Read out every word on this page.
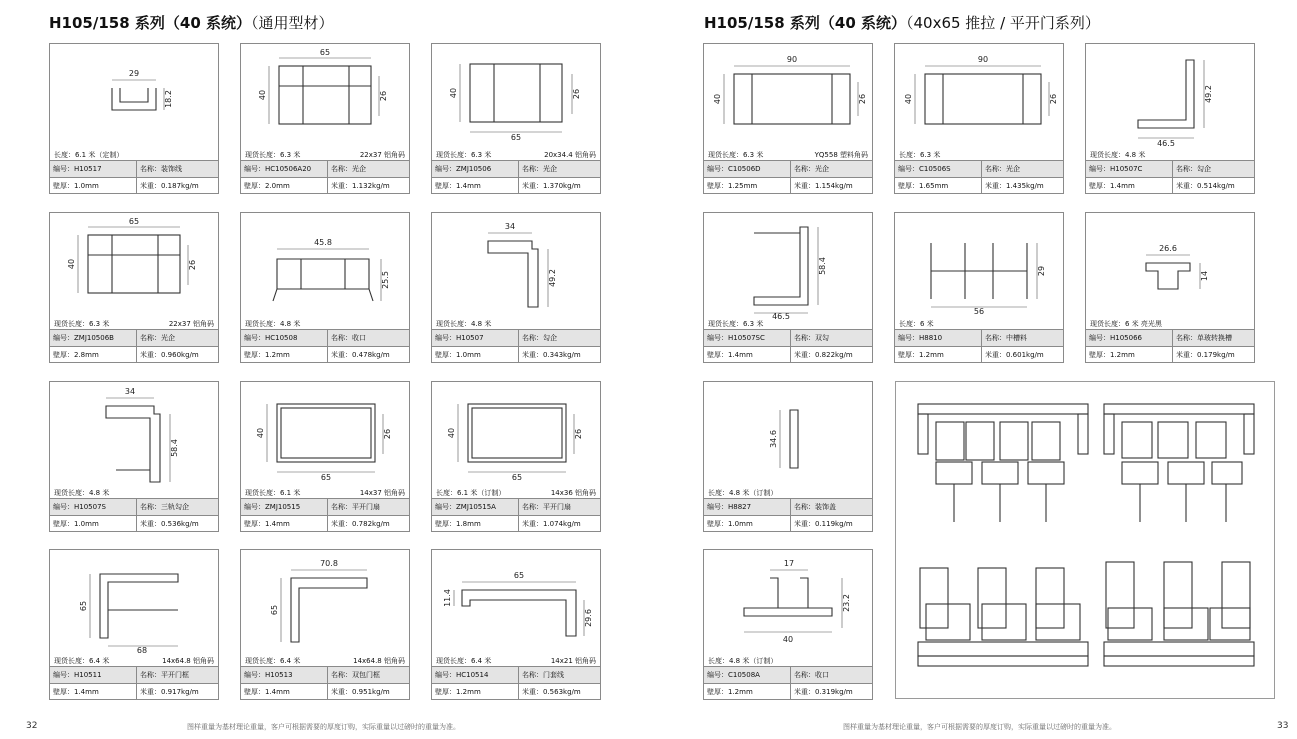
H105/158 系列（40 系统）（通用型材）	H105/158 系列（40 系统）（40x65 推拉 / 平开门系列）
29
18.2
长度：6.1 米（定制）
编号：H10517	名称：装饰线
壁厚：1.0mm	米重：0.187kg/m
65
40	26
现货长度：6.3 米	22x37 铝角码
编号：HC10506A20	名称：光企
壁厚：2.0mm	米重：1.132kg/m
40	26
65
现货长度：6.3 米	20x34.4 铝角码
编号：ZMJ10506	名称：光企
壁厚：1.4mm	米重：1.370kg/m
65
40	26
现货长度：6.3 米	22x37 铝角码
编号：ZMJ10506B	名称：光企
壁厚：2.8mm	米重：0.960kg/m
45.8
25.5
现货长度：4.8 米
编号：HC10508	名称：收口
壁厚：1.2mm	米重：0.478kg/m
34
49.2
现货长度：4.8 米
编号：H10507	名称：勾企
壁厚：1.0mm	米重：0.343kg/m
34
58.4
现货长度：4.8 米
编号：H10507S	名称：三轨勾企
壁厚：1.0mm	米重：0.536kg/m
40	26
65
现货长度：6.1 米	14x37 铝角码
编号：ZMJ10515	名称：平开门扇
壁厚：1.4mm	米重：0.782kg/m
40	26
65
长度：6.1 米（订制）	14x36 铝角码
编号：ZMJ10515A	名称：平开门扇
壁厚：1.8mm	米重：1.074kg/m
65
68
现货长度：6.4 米	14x64.8 铝角码
编号：H10511	名称：平开门框
壁厚：1.4mm	米重：0.917kg/m
70.8
65
现货长度：6.4 米	14x64.8 铝角码
编号：H10513	名称：双包门框
壁厚：1.4mm	米重：0.951kg/m
65
11.4
29.6
现货长度：6.4 米	14x21 铝角码
编号：HC10514	名称：门套线
壁厚：1.2mm	米重：0.563kg/m
90
40	26
现货长度：6.3 米	YQ558 塑料角码
编号：C10506D	名称：光企
壁厚：1.25mm	米重：1.154kg/m
90
40	26
长度：6.3 米
编号：C10506S	名称：光企
壁厚：1.65mm	米重：1.435kg/m
49.2
46.5
现货长度：4.8 米
编号：H10507C	名称：勾企
壁厚：1.4mm	米重：0.514kg/m
58.4
46.5
现货长度：6.3 米
编号：H10507SC	名称：双勾
壁厚：1.4mm	米重：0.822kg/m
29
56
长度：6 米
编号：H8810	名称：中槽料
壁厚：1.2mm	米重：0.601kg/m
26.6
14
现货长度：6 米 亮光黑
编号：H105066	名称：单玻转换槽
壁厚：1.2mm	米重：0.179kg/m
34.6
长度：4.8 米（订制）
编号：H8827	名称：装饰盖
壁厚：1.0mm	米重：0.119kg/m
17
23.2
40
长度：4.8 米（订制）
编号：C10508A	名称：收口
壁厚：1.2mm	米重：0.319kg/m
图样重量为基材理论重量，客户可根据需要的厚度订购，实际重量以过磅时的重量为准。	图样重量为基材理论重量，客户可根据需要的厚度订购，实际重量以过磅时的重量为准。
32	33
